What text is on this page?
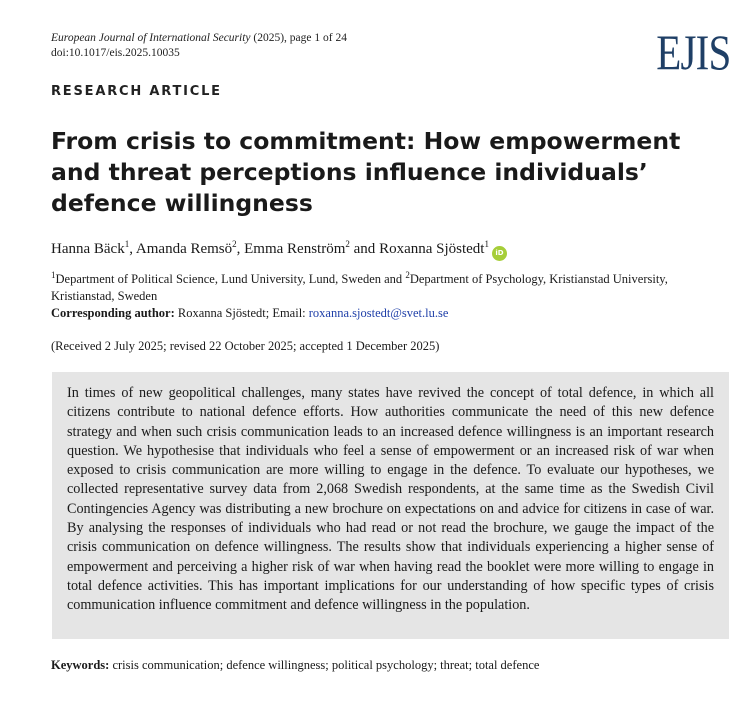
European Journal of International Security (2025), page 1 of 24
doi:10.1017/eis.2025.10035	EJIS
RESEARCH ARTICLE
From crisis to commitment: How empowerment and threat perceptions influence individuals’ defence willingness
Hanna Bäck$^1$, Amanda Remsö$^2$, Emma Renström$^2$ and Roxanna Sjöstedt$^1$iD
$^1$Department of Political Science, Lund University, Lund, Sweden and $^2$Department of Psychology, Kristianstad University, Kristianstad, Sweden
Corresponding author: Roxanna Sjöstedt; Email: roxanna.sjostedt@svet.lu.se
(Received 2 July 2025; revised 22 October 2025; accepted 1 December 2025)

In times of new geopolitical challenges, many states have revived the concept of total defence, in which all citizens contribute to national defence efforts. How authorities communicate the need of this new defence strategy and when such crisis communication leads to an increased defence willingness is an important research question. We hypothesise that individuals who feel a sense of empowerment or an increased risk of war when exposed to crisis communication are more willing to engage in the defence. To evaluate our hypotheses, we collected representative survey data from 2,068 Swedish respondents, at the same time as the Swedish Civil Contingencies Agency was distributing a new brochure on expectations on and advice for citizens in case of war. By analysing the responses of individuals who had read or not read the brochure, we gauge the impact of the crisis communication on defence willingness. The results show that individuals experiencing a higher sense of empowerment and perceiving a higher risk of war when having read the booklet were more willing to engage in total defence activities. This has important implications for our understanding of how specific types of crisis communication influence commitment and defence willingness in the population.

Keywords: crisis communication; defence willingness; political psychology; threat; total defence
